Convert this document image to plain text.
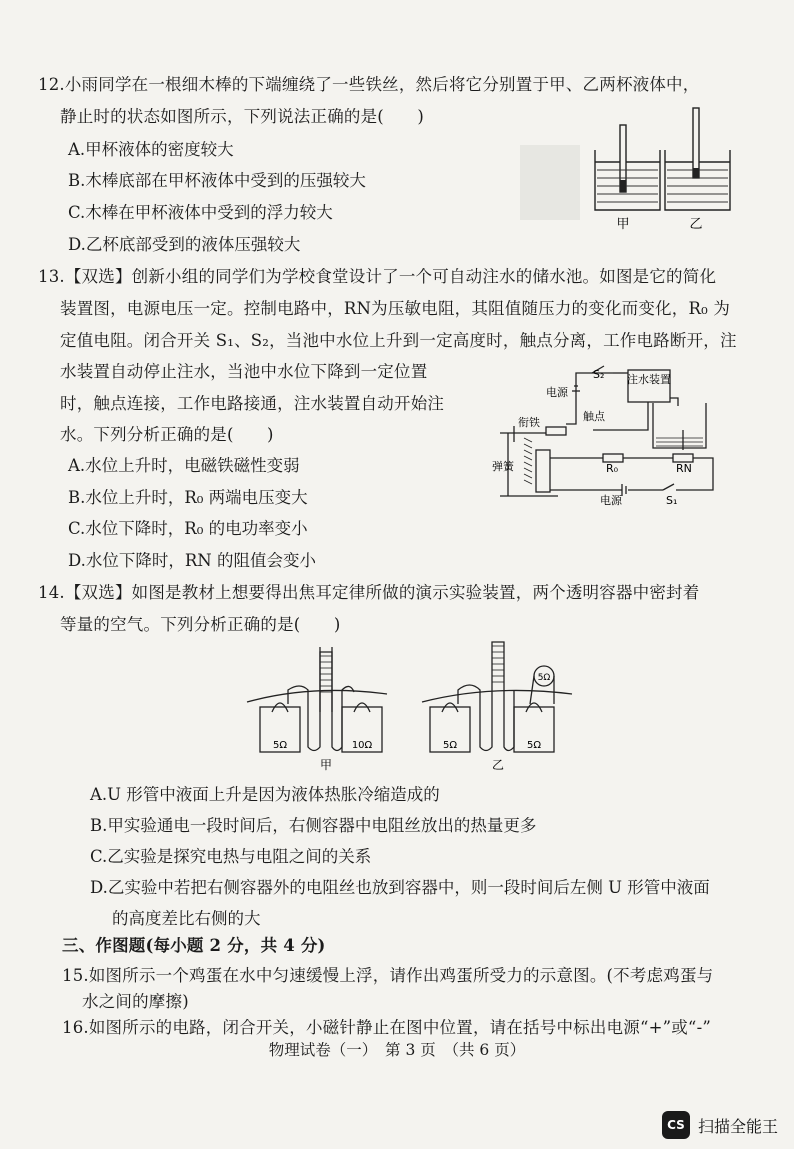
12.小雨同学在一根细木棒的下端缠绕了一些铁丝，然后将它分别置于甲、乙两杯液体中，
静止时的状态如图所示，下列说法正确的是(　　)
A.甲杯液体的密度较大
B.木棒底部在甲杯液体中受到的压强较大
C.木棒在甲杯液体中受到的浮力较大
D.乙杯底部受到的液体压强较大
甲	乙
13.【双选】创新小组的同学们为学校食堂设计了一个可自动注水的储水池。如图是它的简化
装置图，电源电压一定。控制电路中，RN为压敏电阻，其阻值随压力的变化而变化，R₀ 为
定值电阻。闭合开关 S₁、S₂，当池中水位上升到一定高度时，触点分离，工作电路断开，注
水装置自动停止注水，当池中水位下降到一定位置
时，触点连接，工作电路接通，注水装置自动开始注
水。下列分析正确的是(　　)
A.水位上升时，电磁铁磁性变弱
B.水位上升时，R₀ 两端电压变大
C.水位下降时，R₀ 的电功率变小
D.水位下降时，RN 的阻值会变小
S₂
电源
注水装置
衔铁	触点
弹簧	R₀	RN
电源	S₁
14.【双选】如图是教材上想要得出焦耳定律所做的演示实验装置，两个透明容器中密封着
等量的空气。下列分析正确的是(　　)
5Ω	10Ω	5Ω	5Ω
5Ω
甲	乙
A.U 形管中液面上升是因为液体热胀冷缩造成的
B.甲实验通电一段时间后，右侧容器中电阻丝放出的热量更多
C.乙实验是探究电热与电阻之间的关系
D.乙实验中若把右侧容器外的电阻丝也放到容器中，则一段时间后左侧 U 形管中液面
的高度差比右侧的大
三、作图题(每小题 2 分，共 4 分)
15.如图所示一个鸡蛋在水中匀速缓慢上浮，请作出鸡蛋所受力的示意图。(不考虑鸡蛋与
水之间的摩擦)
16.如图所示的电路，闭合开关，小磁针静止在图中位置，请在括号中标出电源“+”或“-”
物理试卷（一）　第 3 页　（共 6 页）
CS 扫描全能王
